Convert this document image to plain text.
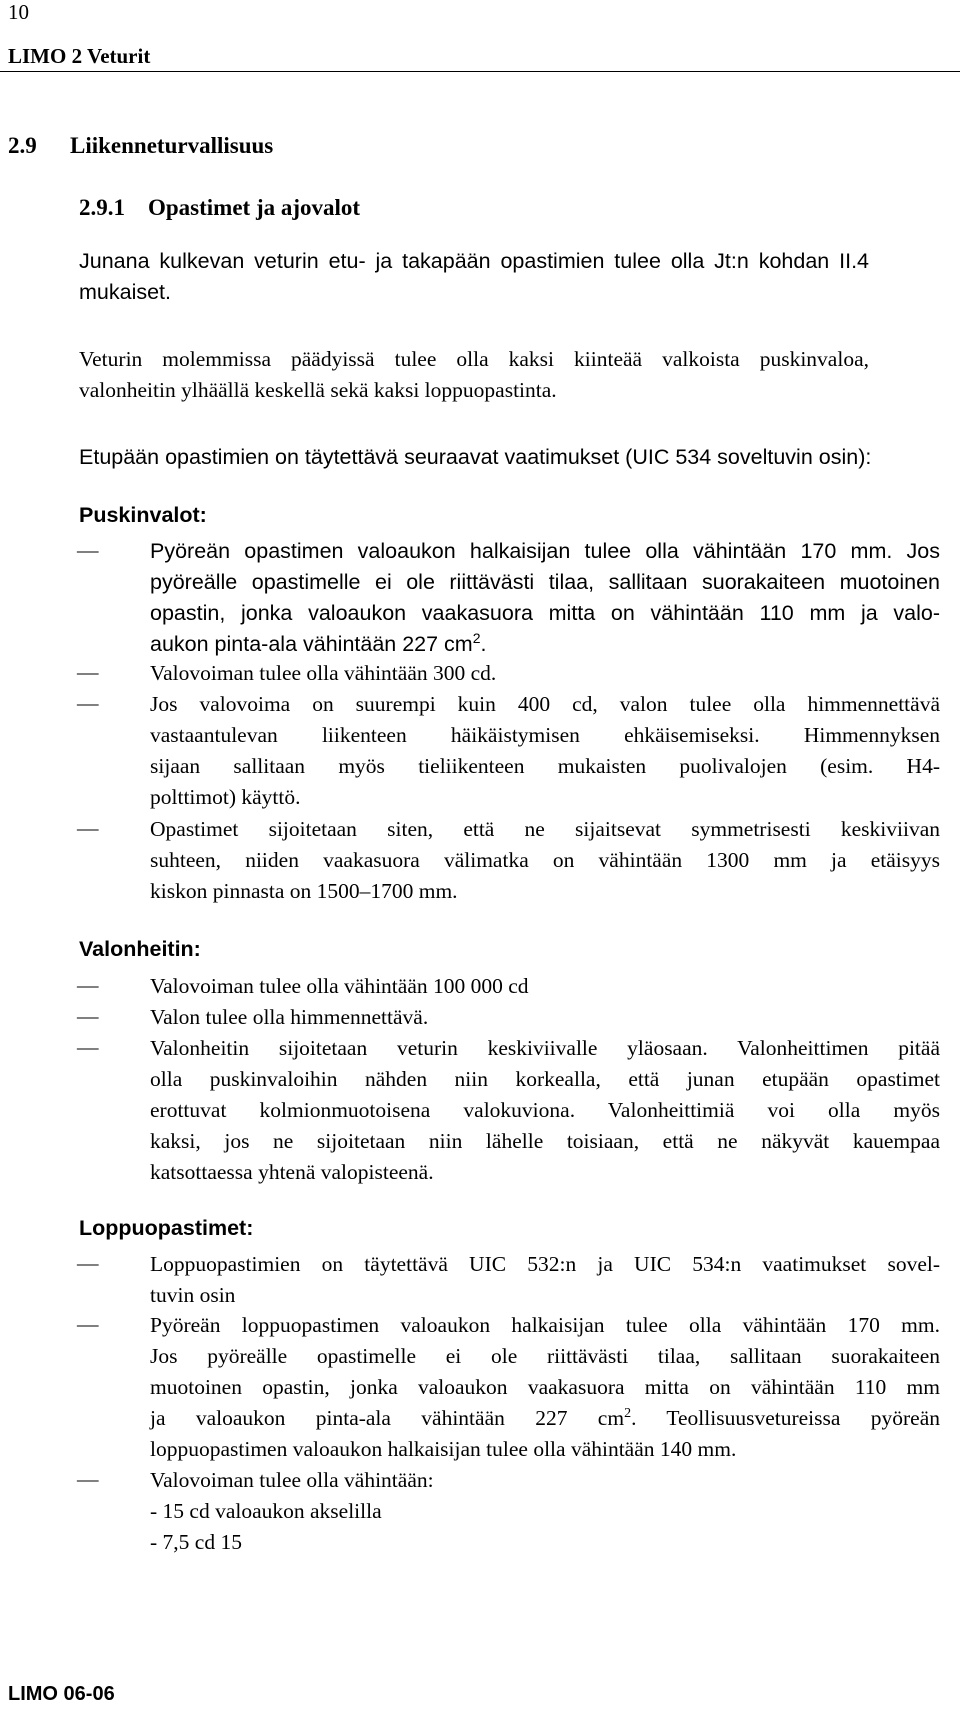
10
LIMO 2 Veturit
2.9 Liikenneturvallisuus
2.9.1 Opastimet ja ajovalot
Junana kulkevan veturin etu- ja takapään opastimien tulee olla Jt:n kohdan II.4
mukaiset.
Veturin molemmissa päädyissä tulee olla kaksi kiinteää valkoista puskinvaloa,
valonheitin ylhäällä keskellä sekä kaksi loppuopastinta.
Etupään opastimien on täytettävä seuraavat vaatimukset (UIC 534 soveltuvin osin):
Puskinvalot:
— Pyöreän opastimen valoaukon halkaisijan tulee olla vähintään 170 mm. Jos
pyöreälle opastimelle ei ole riittävästi tilaa, sallitaan suorakaiteen muotoinen
opastin, jonka valoaukon vaakasuora mitta on vähintään 110 mm ja valo-
aukon pinta-ala vähintään 227 $cm^2$.
— Valovoiman tulee olla vähintään 300 cd.
— Jos valovoima on suurempi kuin 400 cd, valon tulee olla himmennettävä
vastaantulevan liikenteen häikäistymisen ehkäisemiseksi. Himmennyksen
sijaan sallitaan myös tieliikenteen mukaisten puolivalojen (esim. H4-
polttimot) käyttö.
— Opastimet sijoitetaan siten, että ne sijaitsevat symmetrisesti keskiviivan
suhteen, niiden vaakasuora välimatka on vähintään 1300 mm ja etäisyys
kiskon pinnasta on 1500–1700 mm.
Valonheitin:
— Valovoiman tulee olla vähintään 100 000 cd
— Valon tulee olla himmennettävä.
— Valonheitin sijoitetaan veturin keskiviivalle yläosaan. Valonheittimen pitää
olla puskinvaloihin nähden niin korkealla, että junan etupään opastimet
erottuvat kolmionmuotoisena valokuviona. Valonheittimiä voi olla myös
kaksi, jos ne sijoitetaan niin lähelle toisiaan, että ne näkyvät kauempaa
katsottaessa yhtenä valopisteenä.
Loppuopastimet:
— Loppuopastimien on täytettävä UIC 532:n ja UIC 534:n vaatimukset sovel-
tuvin osin
— Pyöreän loppuopastimen valoaukon halkaisijan tulee olla vähintään 170 mm.
Jos pyöreälle opastimelle ei ole riittävästi tilaa, sallitaan suorakaiteen
muotoinen opastin, jonka valoaukon vaakasuora mitta on vähintään 110 mm
ja valoaukon pinta-ala vähintään 227 $cm^2$. Teollisuusvetureissa pyöreän
loppuopastimen valoaukon halkaisijan tulee olla vähintään 140 mm.
— Valovoiman tulee olla vähintään:
- 15 cd valoaukon akselilla
- 7,5 cd 15
LIMO 06-06
